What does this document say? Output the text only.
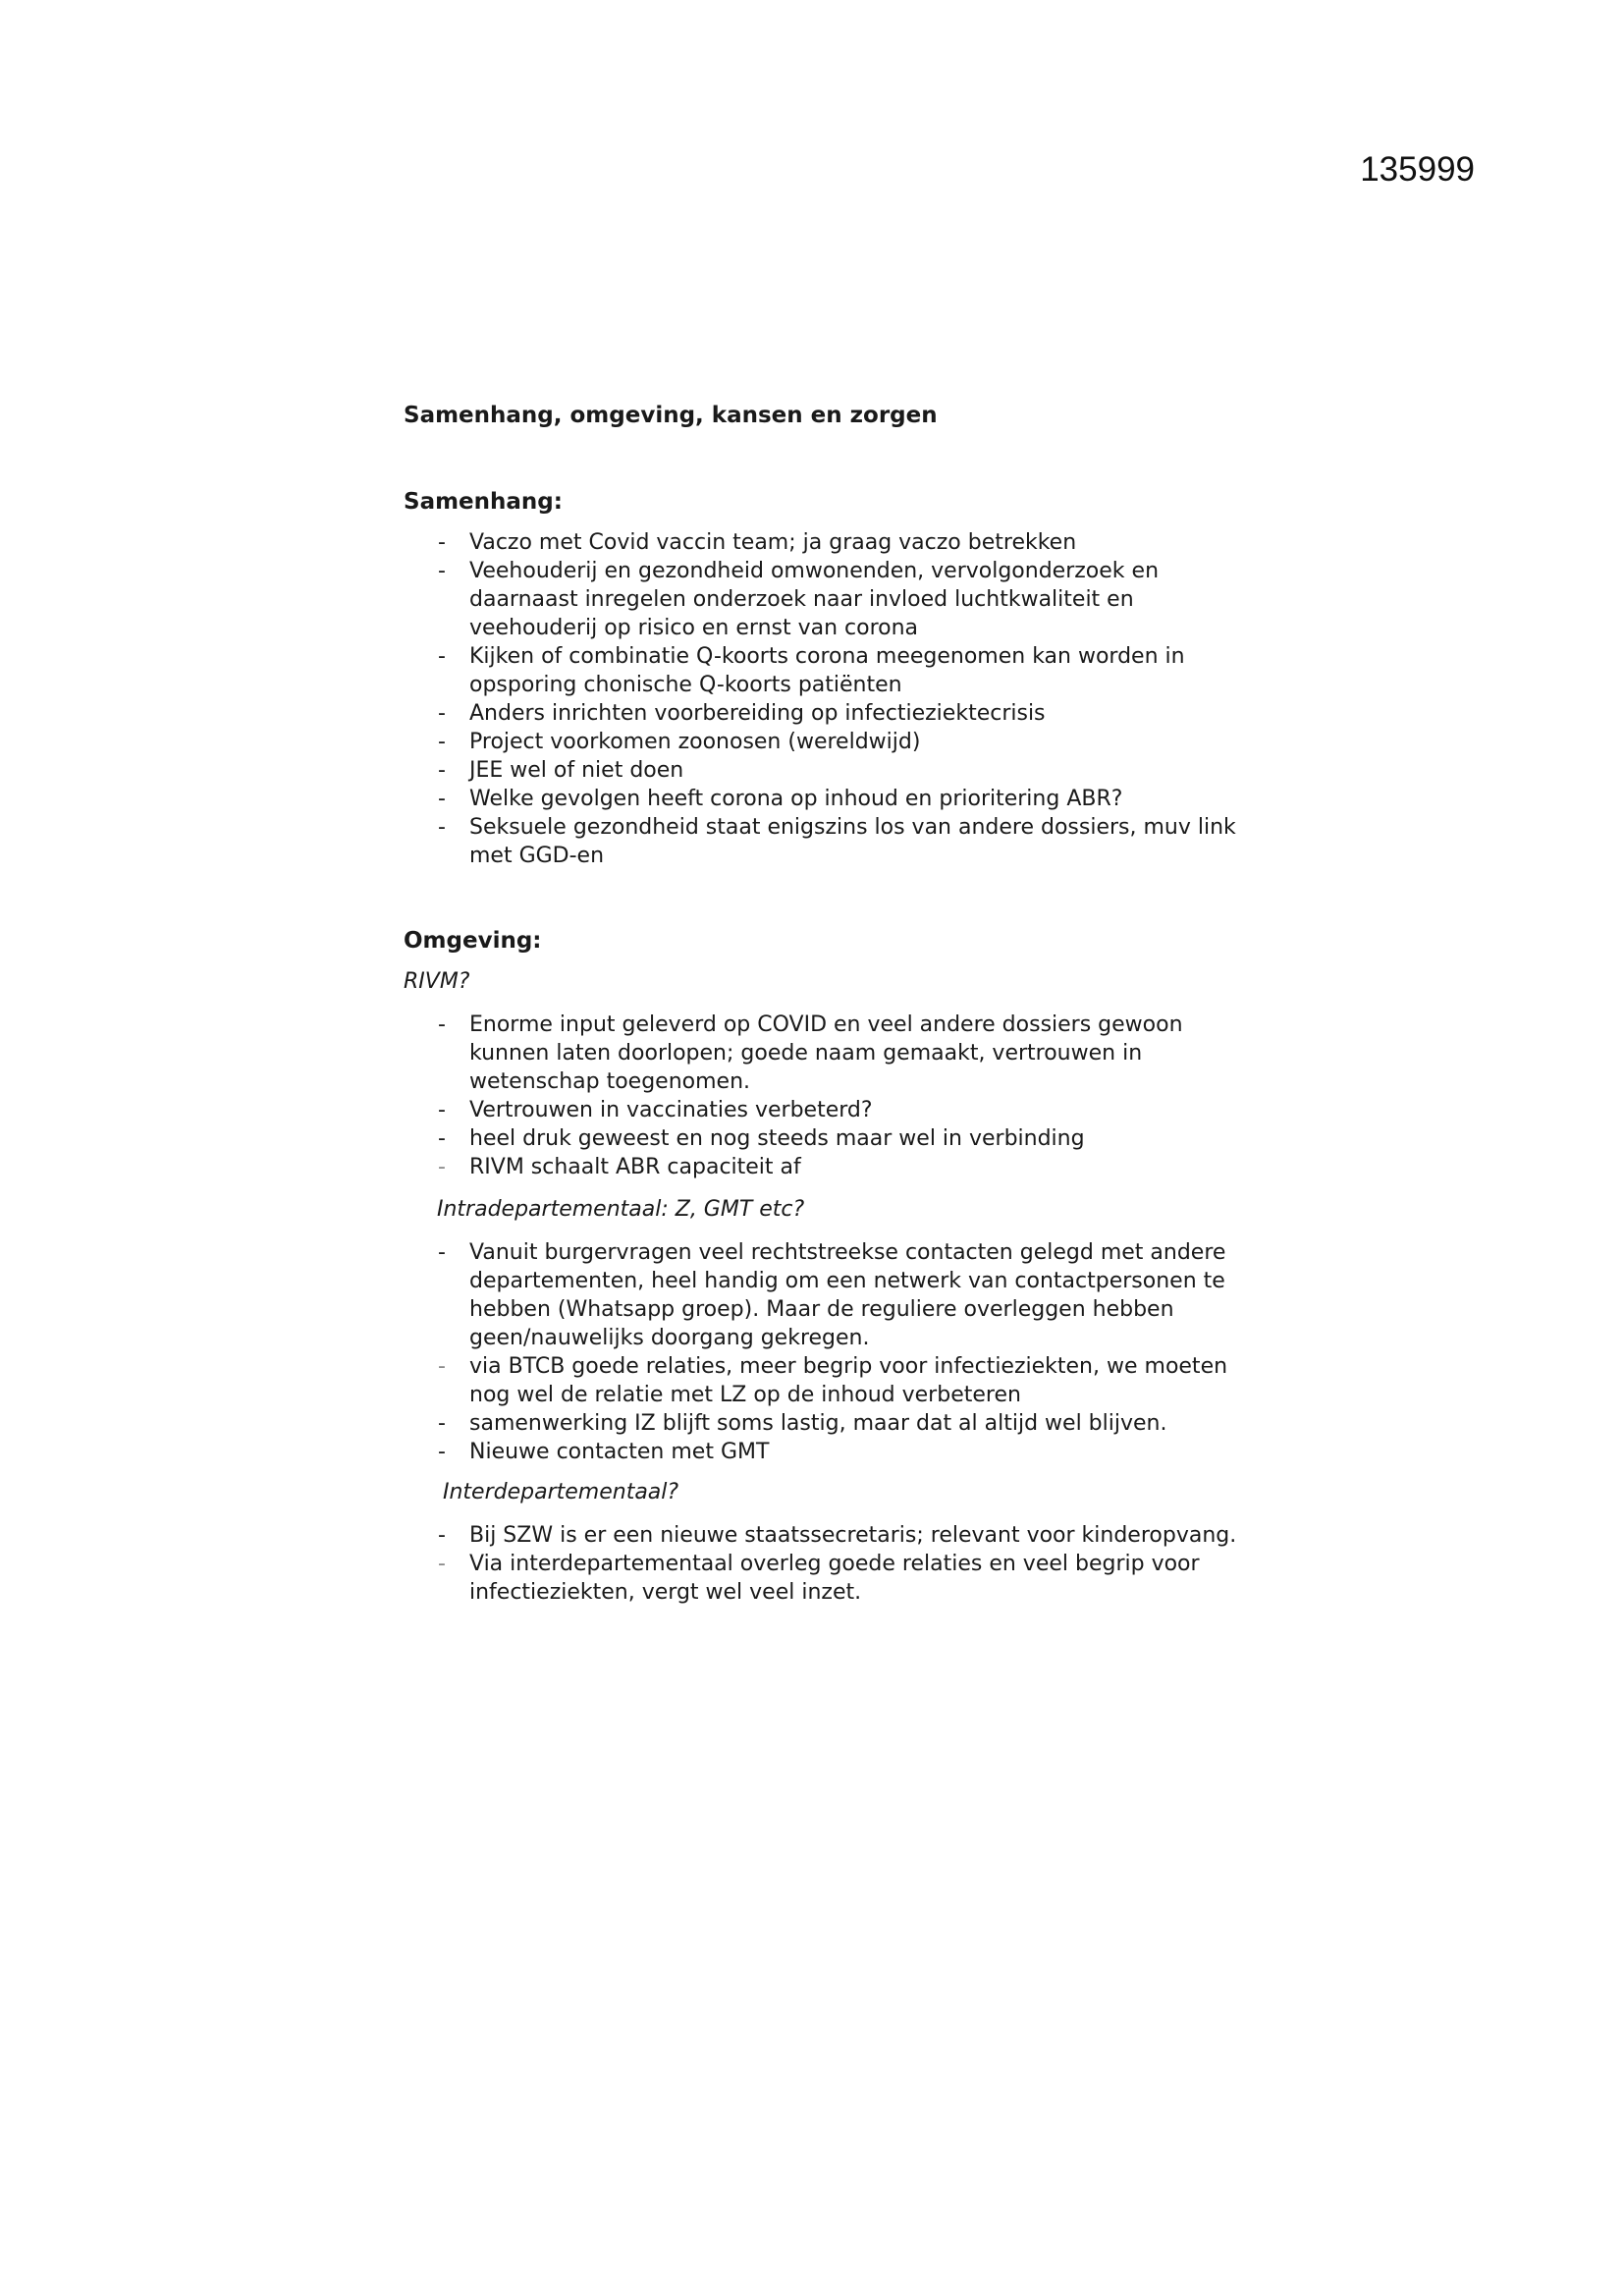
135999

Samenhang, omgeving, kansen en zorgen
Samenhang:
- Vaczo met Covid vaccin team; ja graag vaczo betrekken
- Veehouderij en gezondheid omwonenden, vervolgonderzoek en daarnaast inregelen onderzoek naar invloed luchtkwaliteit en veehouderij op risico en ernst van corona
- Kijken of combinatie Q-koorts corona meegenomen kan worden in opsporing chonische Q-koorts patiënten
- Anders inrichten voorbereiding op infectieziektecrisis
- Project voorkomen zoonosen (wereldwijd)
- JEE wel of niet doen
- Welke gevolgen heeft corona op inhoud en prioritering ABR?
- Seksuele gezondheid staat enigszins los van andere dossiers, muv link met GGD-en
Omgeving:

RIVM?

- Enorme input geleverd op COVID en veel andere dossiers gewoon kunnen laten doorlopen; goede naam gemaakt, vertrouwen in wetenschap toegenomen.
- Vertrouwen in vaccinaties verbeterd?
- heel druk geweest en nog steeds maar wel in verbinding
- RIVM schaalt ABR capaciteit af

Intradepartementaal: Z, GMT etc?

- Vanuit burgervragen veel rechtstreekse contacten gelegd met andere departementen, heel handig om een netwerk van contactpersonen te hebben (Whatsapp groep). Maar de reguliere overleggen hebben geen/nauwelijks doorgang gekregen.
- via BTCB goede relaties, meer begrip voor infectieziekten, we moeten nog wel de relatie met LZ op de inhoud verbeteren
- samenwerking IZ blijft soms lastig, maar dat al altijd wel blijven.
- Nieuwe contacten met GMT

Interdepartementaal?

- Bij SZW is er een nieuwe staatssecretaris; relevant voor kinderopvang.
- Via interdepartementaal overleg goede relaties en veel begrip voor infectieziekten, vergt wel veel inzet.
